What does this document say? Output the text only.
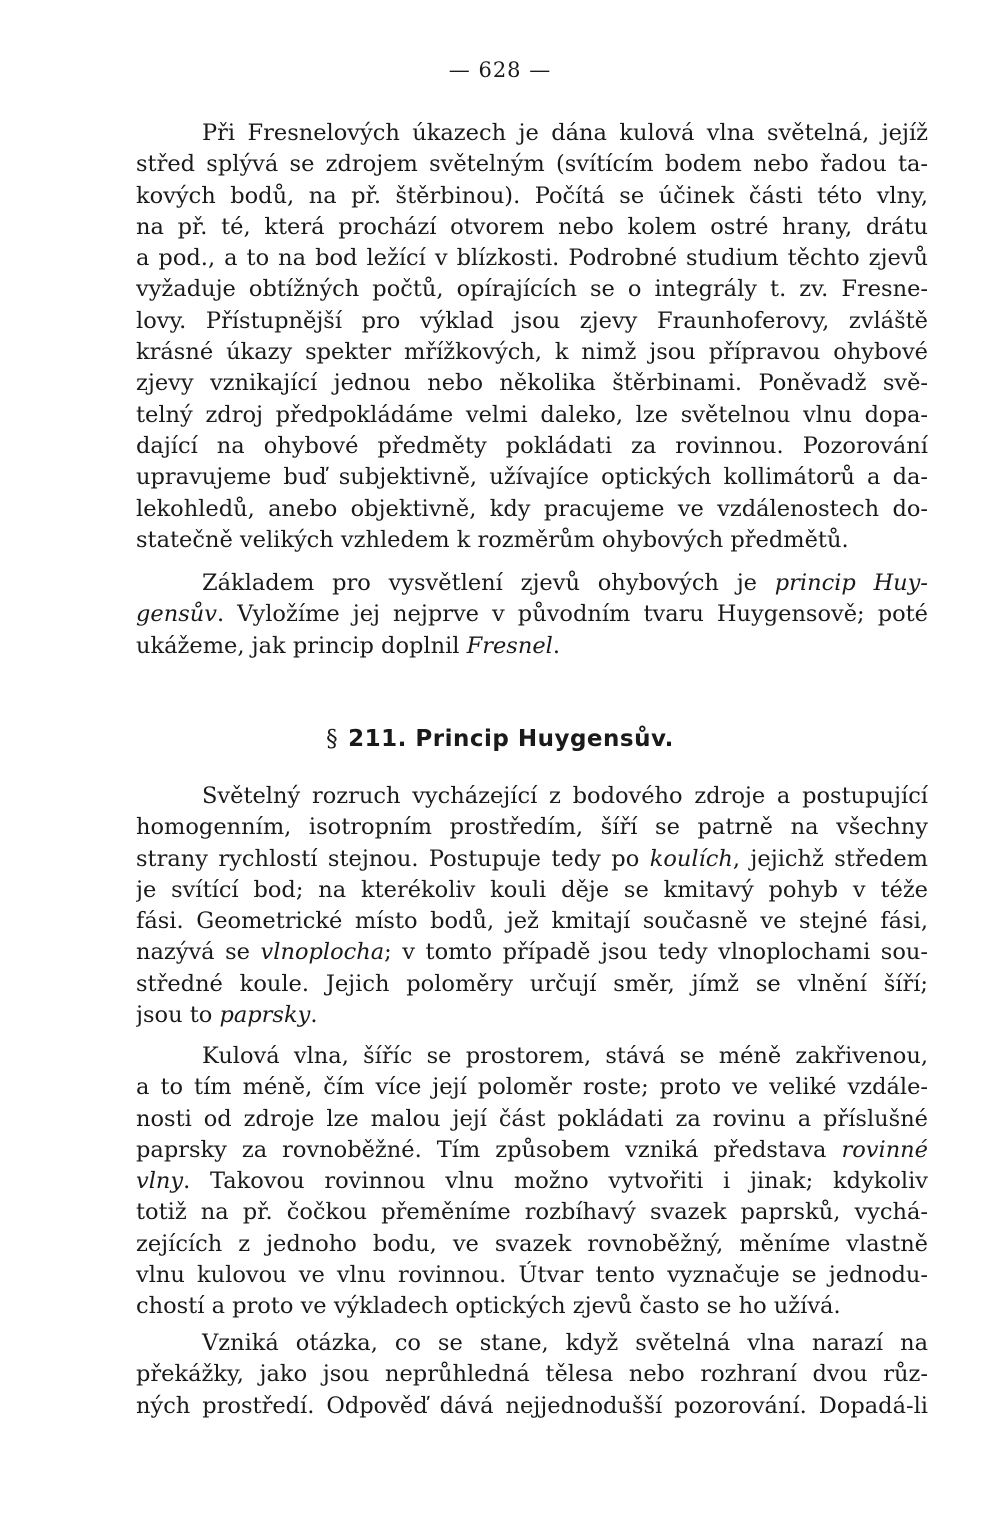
— 628 —
Při Fresnelových úkazech je dána kulová vlna světelná, jejíž
střed splývá se zdrojem světelným (svítícím bodem nebo řadou ta-
kových bodů, na př. štěrbinou). Počítá se účinek části této vlny,
na př. té, která prochází otvorem nebo kolem ostré hrany, drátu
a pod., a to na bod ležící v blízkosti. Podrobné studium těchto zjevů
vyžaduje obtížných počtů, opírajících se o integrály t. zv. Fresne-
lovy. Přístupnější pro výklad jsou zjevy Fraunhoferovy, zvláště
krásné úkazy spekter mřížkových, k nimž jsou přípravou ohybové
zjevy vznikající jednou nebo několika štěrbinami. Poněvadž svě-
telný zdroj předpokládáme velmi daleko, lze světelnou vlnu dopa-
dající na ohybové předměty pokládati za rovinnou. Pozorování
upravujeme buď subjektivně, užívajíce optických kollimátorů a da-
lekohledů, anebo objektivně, kdy pracujeme ve vzdálenostech do-
statečně velikých vzhledem k rozměrům ohybových předmětů.
Základem pro vysvětlení zjevů ohybových je princip Huy-
gensův. Vyložíme jej nejprve v původním tvaru Huygensově; poté
ukážeme, jak princip doplnil Fresnel.
§ 211. Princip Huygensův.
Světelný rozruch vycházející z bodového zdroje a postupující
homogenním, isotropním prostředím, šíří se patrně na všechny
strany rychlostí stejnou. Postupuje tedy po koulích, jejichž středem
je svítící bod; na kterékoliv kouli děje se kmitavý pohyb v téže
fási. Geometrické místo bodů, jež kmitají současně ve stejné fási,
nazývá se vlnoplocha; v tomto případě jsou tedy vlnoplochami sou-
středné koule. Jejich poloměry určují směr, jímž se vlnění šíří;
jsou to paprsky.
Kulová vlna, šíříc se prostorem, stává se méně zakřivenou,
a to tím méně, čím více její poloměr roste; proto ve veliké vzdále-
nosti od zdroje lze malou její část pokládati za rovinu a příslušné
paprsky za rovnoběžné. Tím způsobem vzniká představa rovinné
vlny. Takovou rovinnou vlnu možno vytvořiti i jinak; kdykoliv
totiž na př. čočkou přeměníme rozbíhavý svazek paprsků, vychá-
zejících z jednoho bodu, ve svazek rovnoběžný, měníme vlastně
vlnu kulovou ve vlnu rovinnou. Útvar tento vyznačuje se jednodu-
chostí a proto ve výkladech optických zjevů často se ho užívá.
Vzniká otázka, co se stane, když světelná vlna narazí na
překážky, jako jsou neprůhledná tělesa nebo rozhraní dvou růz-
ných prostředí. Odpověď dává nejjednodušší pozorování. Dopadá-li
